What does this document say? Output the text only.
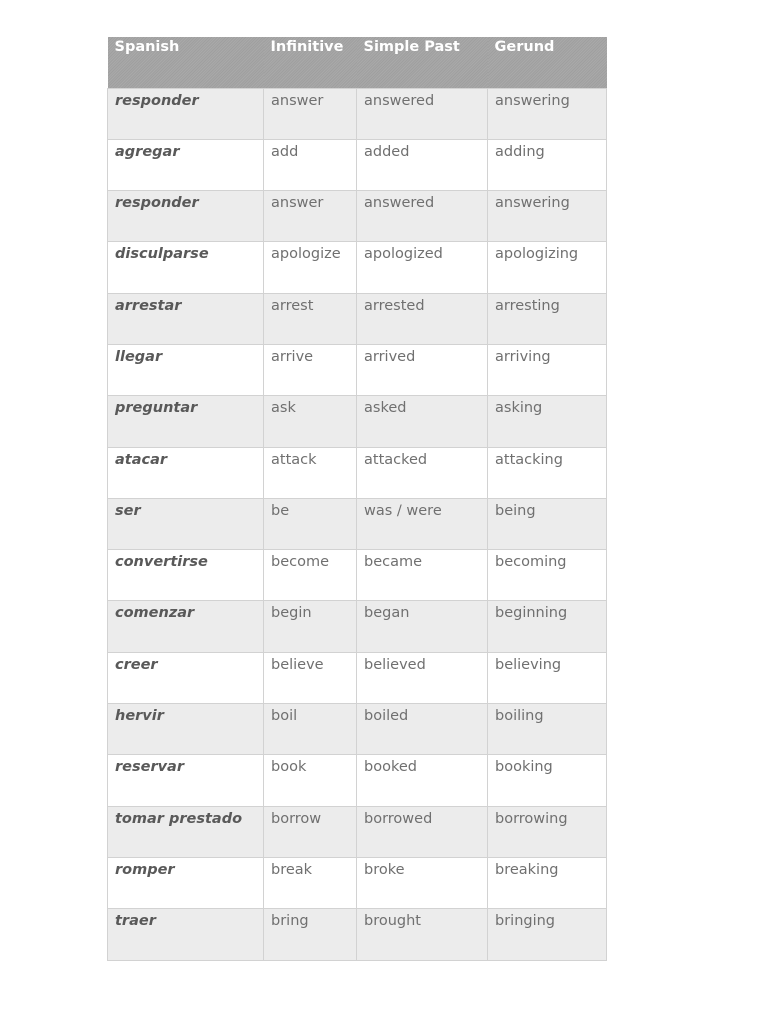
Spanish	Infinitive	Simple Past	Gerund
responder	answer	answered	answering
agregar	add	added	adding
responder	answer	answered	answering
disculparse	apologize	apologized	apologizing
arrestar	arrest	arrested	arresting
llegar	arrive	arrived	arriving
preguntar	ask	asked	asking
atacar	attack	attacked	attacking
ser	be	was / were	being
convertirse	become	became	becoming
comenzar	begin	began	beginning
creer	believe	believed	believing
hervir	boil	boiled	boiling
reservar	book	booked	booking
tomar prestado	borrow	borrowed	borrowing
romper	break	broke	breaking
traer	bring	brought	bringing
